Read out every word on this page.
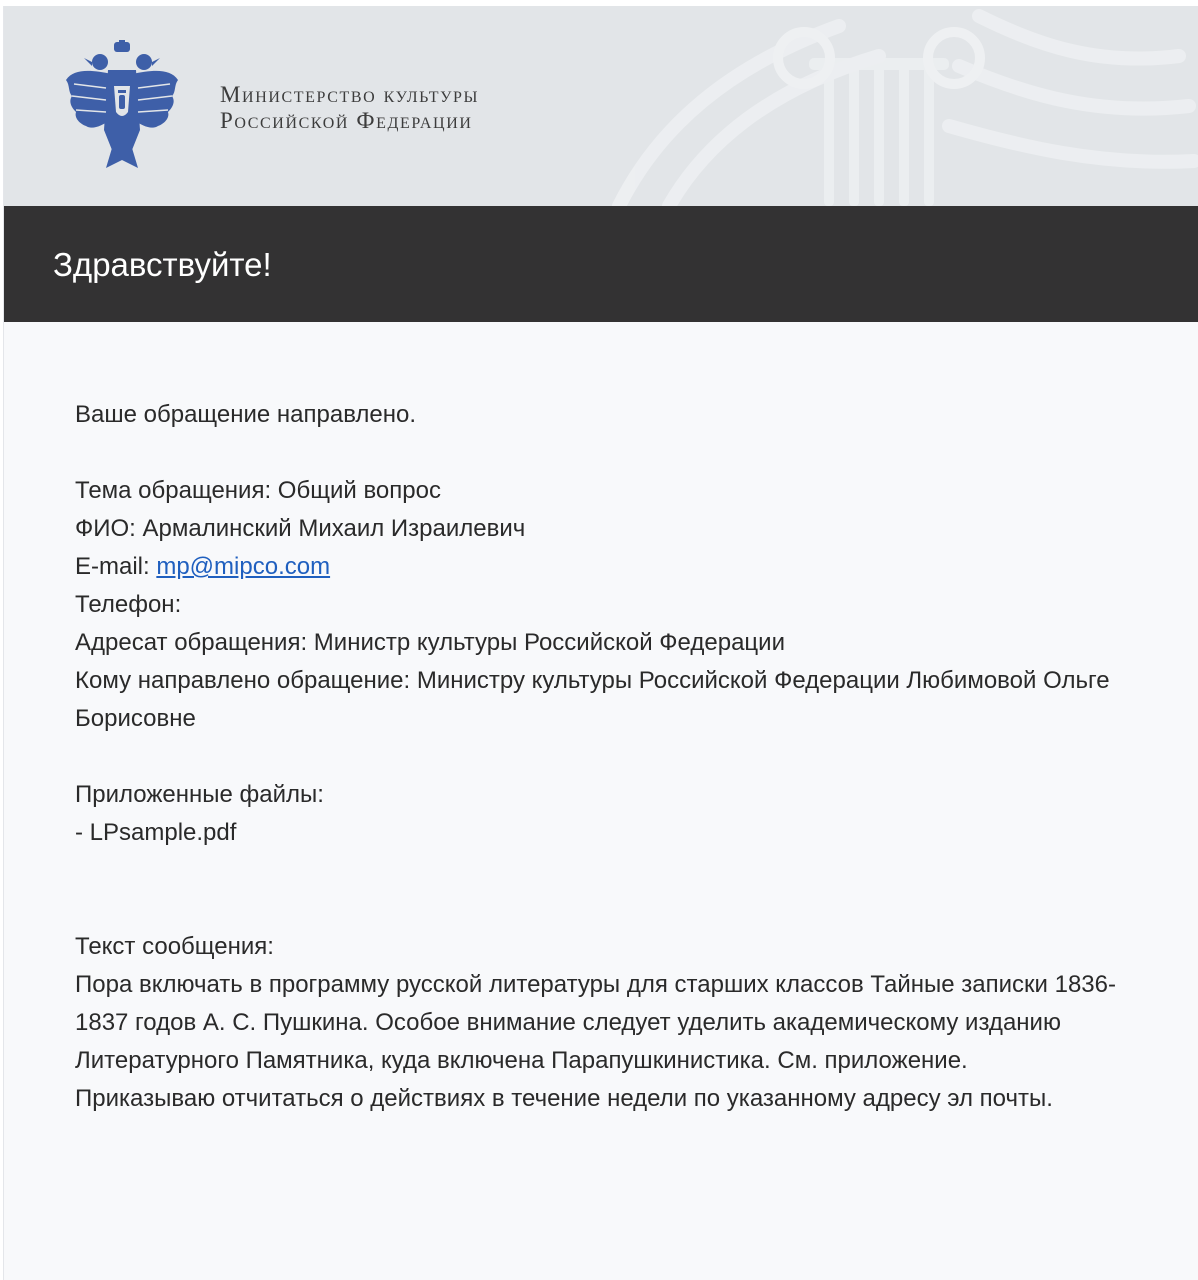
Министерство культуры
Российской Федерации
Здравствуйте!

Ваше обращение направлено.

Тема обращения: Общий вопрос

ФИО: Армалинский Михаил Израилевич

E-mail: mp@mipco.com

Телефон:

Адресат обращения: Министр культуры Российской Федерации

Кому направлено обращение: Министру культуры Российской Федерации Любимовой Ольге Борисовне

Приложенные файлы:

- LPsample.pdf

Текст сообщения:

Пора включать в программу русской литературы для старших классов Тайные записки 1836-1837 годов А. С. Пушкина. Особое внимание следует уделить академическому изданию Литературного Памятника, куда включена Парапушкинистика. См. приложение.

Приказываю отчитаться о действиях в течение недели по указанному адресу эл почты.
